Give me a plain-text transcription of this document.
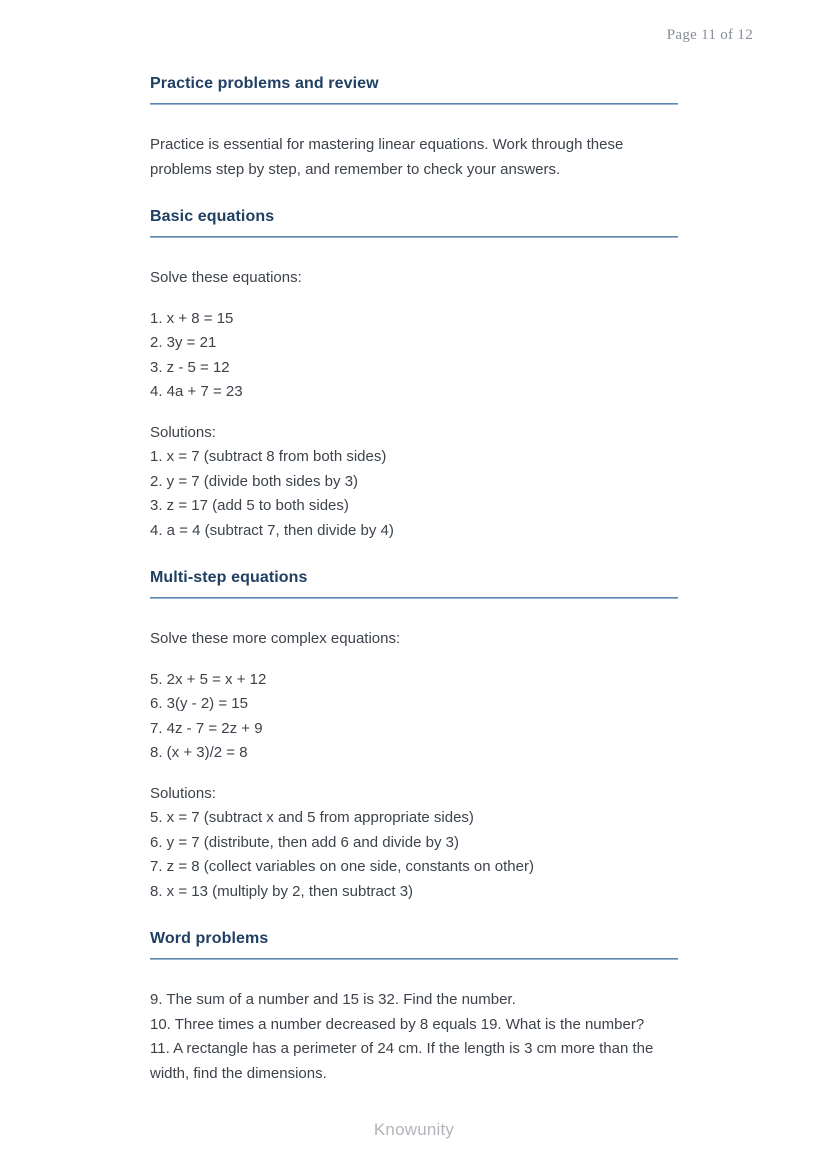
Page 11 of 12
Practice problems and review

Practice is essential for mastering linear equations. Work through these problems step by step, and remember to check your answers.

Basic equations

Solve these equations:

1. x + 8 = 15
2. 3y = 21
3. z - 5 = 12
4. 4a + 7 = 23
Solutions:
1. x = 7 (subtract 8 from both sides)
2. y = 7 (divide both sides by 3)
3. z = 17 (add 5 to both sides)
4. a = 4 (subtract 7, then divide by 4)
Multi-step equations

Solve these more complex equations:

5. 2x + 5 = x + 12
6. 3(y - 2) = 15
7. 4z - 7 = 2z + 9
8. (x + 3)/2 = 8
Solutions:
5. x = 7 (subtract x and 5 from appropriate sides)
6. y = 7 (distribute, then add 6 and divide by 3)
7. z = 8 (collect variables on one side, constants on other)
8. x = 13 (multiply by 2, then subtract 3)
Word problems
9. The sum of a number and 15 is 32. Find the number.
10. Three times a number decreased by 8 equals 19. What is the number?
11. A rectangle has a perimeter of 24 cm. If the length is 3 cm more than the width, find the dimensions.
Knowunity
